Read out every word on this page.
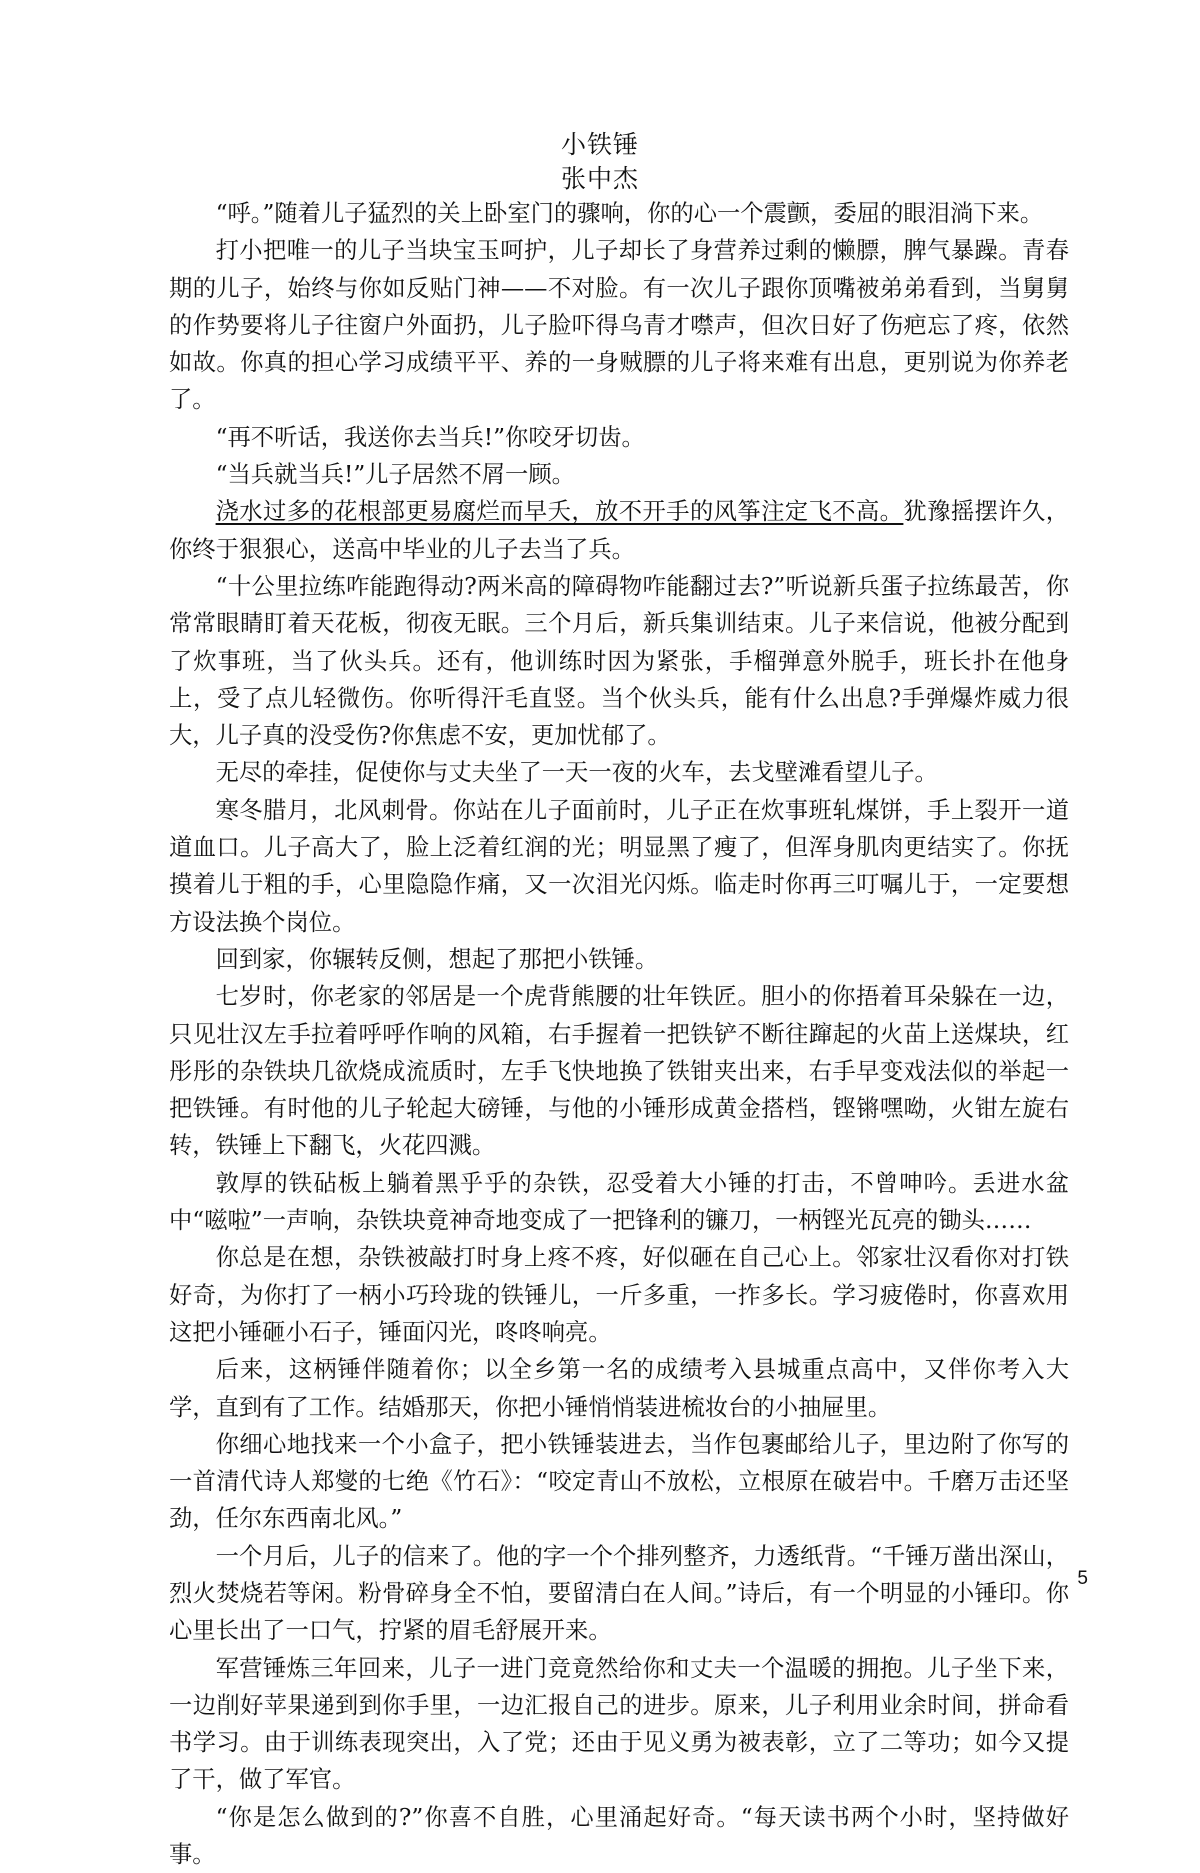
小铁锤
张中杰

“呼。”随着儿子猛烈的关上卧室门的骤响，你的心一个震颤，委屈的眼泪淌下来。

打小把唯一的儿子当块宝玉呵护，儿子却长了身营养过剩的懒膘，脾气暴躁。青春期的儿子，始终与你如反贴门神——不对脸。有一次儿子跟你顶嘴被弟弟看到，当舅舅的作势要将儿子往窗户外面扔，儿子脸吓得乌青才噤声，但次日好了伤疤忘了疼，依然如故。你真的担心学习成绩平平、养的一身贼膘的儿子将来难有出息，更别说为你养老了。

“再不听话，我送你去当兵!”你咬牙切齿。

“当兵就当兵!”儿子居然不屑一顾。

浇水过多的花根部更易腐烂而早夭，放不开手的风筝注定飞不高。犹豫摇摆许久，你终于狠狠心，送高中毕业的儿子去当了兵。

“十公里拉练咋能跑得动?两米高的障碍物咋能翻过去?”听说新兵蛋子拉练最苦，你常常眼睛盯着天花板，彻夜无眠。三个月后，新兵集训结束。儿子来信说，他被分配到了炊事班，当了伙头兵。还有，他训练时因为紧张，手榴弹意外脱手，班长扑在他身上，受了点儿轻微伤。你听得汗毛直竖。当个伙头兵，能有什么出息?手弹爆炸威力很大，儿子真的没受伤?你焦虑不安，更加忧郁了。

无尽的牵挂，促使你与丈夫坐了一天一夜的火车，去戈壁滩看望儿子。

寒冬腊月，北风刺骨。你站在儿子面前时，儿子正在炊事班轧煤饼，手上裂开一道道血口。儿子高大了，脸上泛着红润的光；明显黑了瘦了，但浑身肌肉更结实了。你抚摸着儿于粗的手，心里隐隐作痛，又一次泪光闪烁。临走时你再三叮嘱儿于，一定要想方设法换个岗位。

回到家，你辗转反侧，想起了那把小铁锤。

七岁时，你老家的邻居是一个虎背熊腰的壮年铁匠。胆小的你捂着耳朵躲在一边，只见壮汉左手拉着呼呼作响的风箱，右手握着一把铁铲不断往蹿起的火苗上送煤块，红彤彤的杂铁块几欲烧成流质时，左手飞快地换了铁钳夹出来，右手早变戏法似的举起一把铁锤。有时他的儿子轮起大磅锤，与他的小锤形成黄金搭档，铿锵嘿呦，火钳左旋右转，铁锤上下翻飞，火花四溅。

敦厚的铁砧板上躺着黑乎乎的杂铁，忍受着大小锤的打击，不曾呻吟。丢进水盆中“嗞啦”一声响，杂铁块竟神奇地变成了一把锋利的镰刀，一柄铿光瓦亮的锄头……

你总是在想，杂铁被敲打时身上疼不疼，好似砸在自己心上。邻家壮汉看你对打铁好奇，为你打了一柄小巧玲珑的铁锤儿，一斤多重，一拃多长。学习疲倦时，你喜欢用这把小锤砸小石子，锤面闪光，咚咚响亮。

后来，这柄锤伴随着你；以全乡第一名的成绩考入县城重点高中，又伴你考入大学，直到有了工作。结婚那天，你把小锤悄悄装进梳妆台的小抽屉里。

你细心地找来一个小盒子，把小铁锤装进去，当作包裹邮给儿子，里边附了你写的一首清代诗人郑燮的七绝《竹石》：“咬定青山不放松，立根原在破岩中。千磨万击还坚劲，任尔东西南北风。”

一个月后，儿子的信来了。他的字一个个排列整齐，力透纸背。“千锤万凿出深山，烈火焚烧若等闲。粉骨碎身全不怕，要留清白在人间。”诗后，有一个明显的小锤印。你心里长出了一口气，拧紧的眉毛舒展开来。

军营锤炼三年回来，儿子一进门竞竟然给你和丈夫一个温暖的拥抱。儿子坐下来，一边削好苹果递到到你手里，一边汇报自己的进步。原来，儿子利用业余时间，拼命看书学习。由于训练表现突出，入了党；还由于见义勇为被表彰，立了二等功；如今又提了干，做了军官。

“你是怎么做到的?”你喜不自胜，心里涌起好奇。“每天读书两个小时，坚持做好事。

5
